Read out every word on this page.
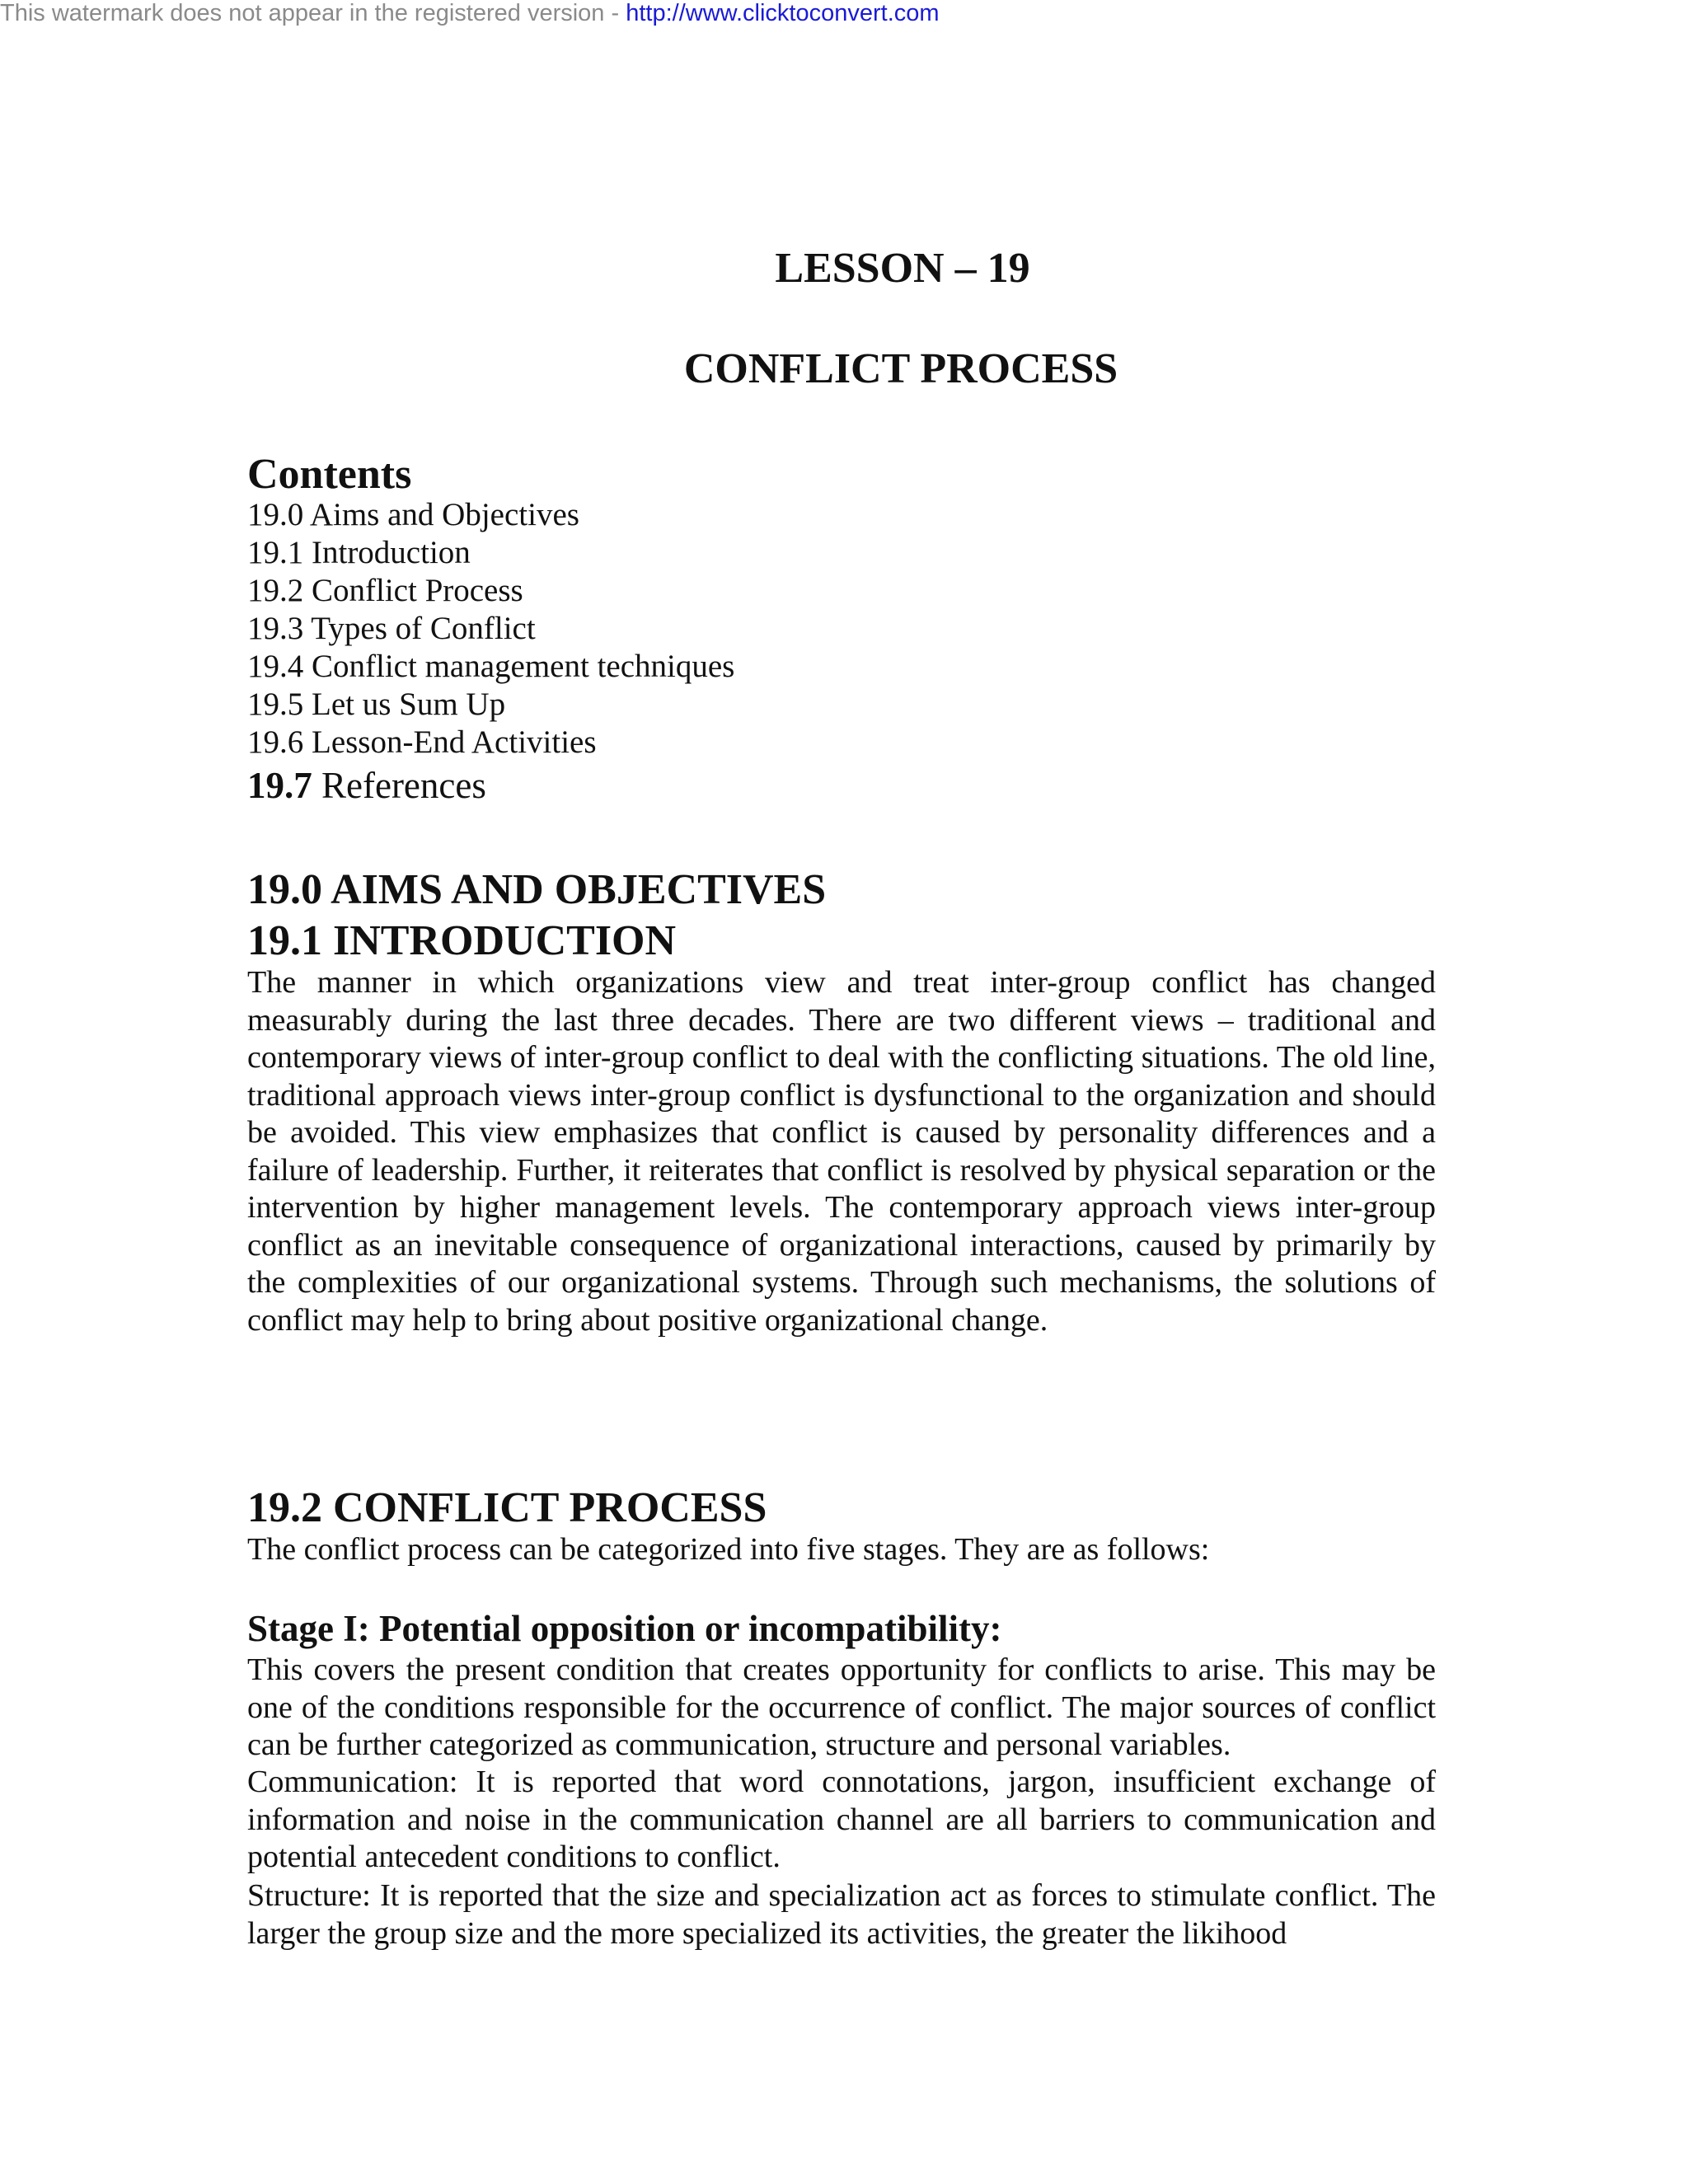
This watermark does not appear in the registered version - http://www.clicktoconvert.com
LESSON – 19
CONFLICT PROCESS
Contents
19.0 Aims and Objectives
19.1 Introduction
19.2 Conflict Process
19.3 Types of Conflict
19.4 Conflict management techniques
19.5 Let us Sum Up
19.6 Lesson-End Activities
19.7 References
19.0 AIMS AND OBJECTIVES
19.1 INTRODUCTION

The manner in which organizations view and treat inter-group conflict has changed measurably during the last three decades. There are two different views – traditional and contemporary views of inter-group conflict to deal with the conflicting situations. The old line, traditional approach views inter-group conflict is dysfunctional to the organization and should be avoided. This view emphasizes that conflict is caused by personality differences and a failure of leadership. Further, it reiterates that conflict is resolved by physical separation or the intervention by higher management levels. The contemporary approach views inter-group conflict as an inevitable consequence of organizational interactions, caused by primarily by the complexities of our organizational systems. Through such mechanisms, the solutions of conflict may help to bring about positive organizational change.

19.2 CONFLICT PROCESS

The conflict process can be categorized into five stages. They are as follows:

Stage I: Potential opposition or incompatibility:

This covers the present condition that creates opportunity for conflicts to arise. This may be one of the conditions responsible for the occurrence of conflict. The major sources of conflict can be further categorized as communication, structure and personal variables.

Communication: It is reported that word connotations, jargon, insufficient exchange of information and noise in the communication channel are all barriers to communication and potential antecedent conditions to conflict.

Structure: It is reported that the size and specialization act as forces to stimulate conflict. The larger the group size and the more specialized its activities, the greater the likihood
